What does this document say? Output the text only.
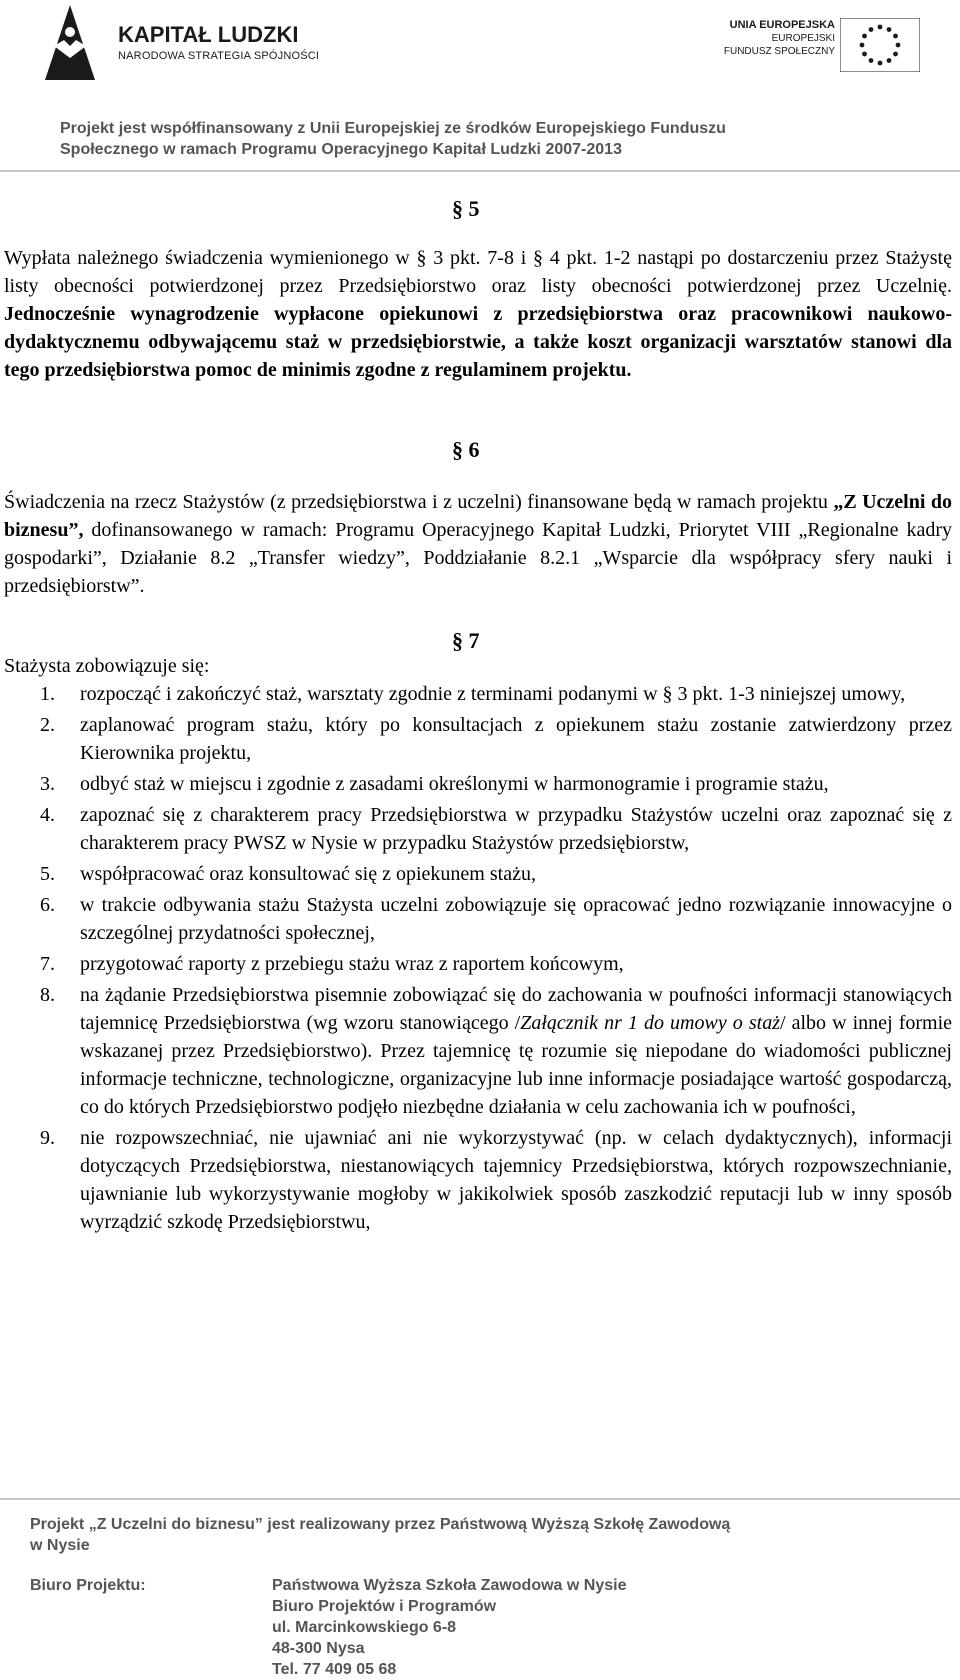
KAPITAŁ LUDZKI
NARODOWA STRATEGIA SPÓJNOŚCI
UNIA EUROPEJSKA
EUROPEJSKI
FUNDUSZ SPOŁECZNY
Projekt jest współfinansowany z Unii Europejskiej ze środków Europejskiego Funduszu
Społecznego w ramach Programu Operacyjnego Kapitał Ludzki 2007-2013
§ 5
Wypłata należnego świadczenia wymienionego w § 3 pkt. 7-8 i § 4 pkt. 1-2 nastąpi po dostarczeniu przez Stażystę listy obecności potwierdzonej przez Przedsiębiorstwo oraz listy obecności potwierdzonej przez Uczelnię. Jednocześnie wynagrodzenie wypłacone opiekunowi z przedsiębiorstwa oraz pracownikowi naukowo-dydaktycznemu odbywającemu staż w przedsiębiorstwie, a także koszt organizacji warsztatów stanowi dla tego przedsiębiorstwa pomoc de minimis zgodne z regulaminem projektu.
§ 6
Świadczenia na rzecz Stażystów (z przedsiębiorstwa i z uczelni) finansowane będą w ramach projektu „Z Uczelni do biznesu”, dofinansowanego w ramach: Programu Operacyjnego Kapitał Ludzki, Priorytet VIII „Regionalne kadry gospodarki”, Działanie 8.2 „Transfer wiedzy”, Poddziałanie 8.2.1 „Wsparcie dla współpracy sfery nauki i przedsiębiorstw”.
§ 7
Stażysta zobowiązuje się:
1. rozpocząć i zakończyć staż, warsztaty zgodnie z terminami podanymi w § 3 pkt. 1-3 niniejszej umowy,
2. zaplanować program stażu, który po konsultacjach z opiekunem stażu zostanie zatwierdzony przez Kierownika projektu,
3. odbyć staż w miejscu i zgodnie z zasadami określonymi w harmonogramie i programie stażu,
4. zapoznać się z charakterem pracy Przedsiębiorstwa w przypadku Stażystów uczelni oraz zapoznać się z charakterem pracy PWSZ w Nysie w przypadku Stażystów przedsiębiorstw,
5. współpracować oraz konsultować się z opiekunem stażu,
6. w trakcie odbywania stażu Stażysta uczelni zobowiązuje się opracować jedno rozwiązanie innowacyjne o szczególnej przydatności społecznej,
7. przygotować raporty z przebiegu stażu wraz z raportem końcowym,
8. na żądanie Przedsiębiorstwa pisemnie zobowiązać się do zachowania w poufności informacji stanowiących tajemnicę Przedsiębiorstwa (wg wzoru stanowiącego /Załącznik nr 1 do umowy o staż/ albo w innej formie wskazanej przez Przedsiębiorstwo). Przez tajemnicę tę rozumie się niepodane do wiadomości publicznej informacje techniczne, technologiczne, organizacyjne lub inne informacje posiadające wartość gospodarczą, co do których Przedsiębiorstwo podjęło niezbędne działania w celu zachowania ich w poufności,
9. nie rozpowszechniać, nie ujawniać ani nie wykorzystywać (np. w celach dydaktycznych), informacji dotyczących Przedsiębiorstwa, niestanowiących tajemnicy Przedsiębiorstwa, których rozpowszechnianie, ujawnianie lub wykorzystywanie mogłoby w jakikolwiek sposób zaszkodzić reputacji lub w inny sposób wyrządzić szkodę Przedsiębiorstwu,
Projekt „Z Uczelni do biznesu” jest realizowany przez Państwową Wyższą Szkołę Zawodową
w Nysie
Biuro Projektu:	Państwowa Wyższa Szkoła Zawodowa w Nysie
Biuro Projektów i Programów
ul. Marcinkowskiego 6-8
48-300 Nysa
Tel. 77 409 05 68
